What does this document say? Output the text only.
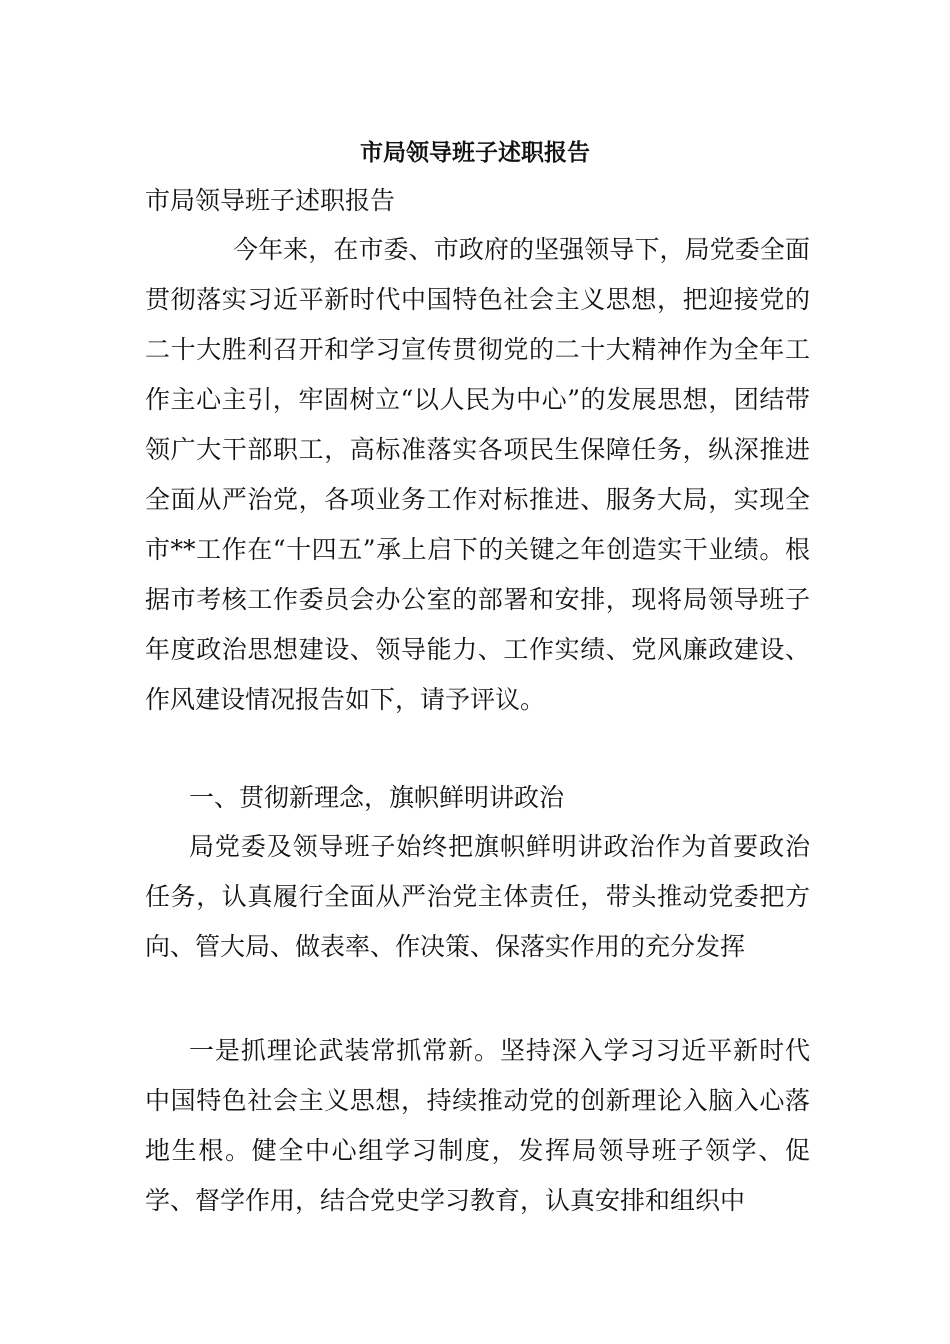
市局领导班子述职报告

市局领导班子述职报告

今年来，在市委、市政府的坚强领导下，局党委全面贯彻落实习近平新时代中国特色社会主义思想，把迎接党的二十大胜利召开和学习宣传贯彻党的二十大精神作为全年工作主心主引，牢固树立“以人民为中心”的发展思想，团结带领广大干部职工，高标准落实各项民生保障任务，纵深推进全面从严治党，各项业务工作对标推进、服务大局，实现全市**工作在“十四五”承上启下的关键之年创造实干业绩。根据市考核工作委员会办公室的部署和安排，现将局领导班子年度政治思想建设、领导能力、工作实绩、党风廉政建设、作风建设情况报告如下，请予评议。

一、贯彻新理念，旗帜鲜明讲政治

局党委及领导班子始终把旗帜鲜明讲政治作为首要政治任务，认真履行全面从严治党主体责任，带头推动党委把方向、管大局、做表率、作决策、保落实作用的充分发挥

一是抓理论武装常抓常新。坚持深入学习习近平新时代中国特色社会主义思想，持续推动党的创新理论入脑入心落地生根。健全中心组学习制度，发挥局领导班子领学、促学、督学作用，结合党史学习教育，认真安排和组织中
